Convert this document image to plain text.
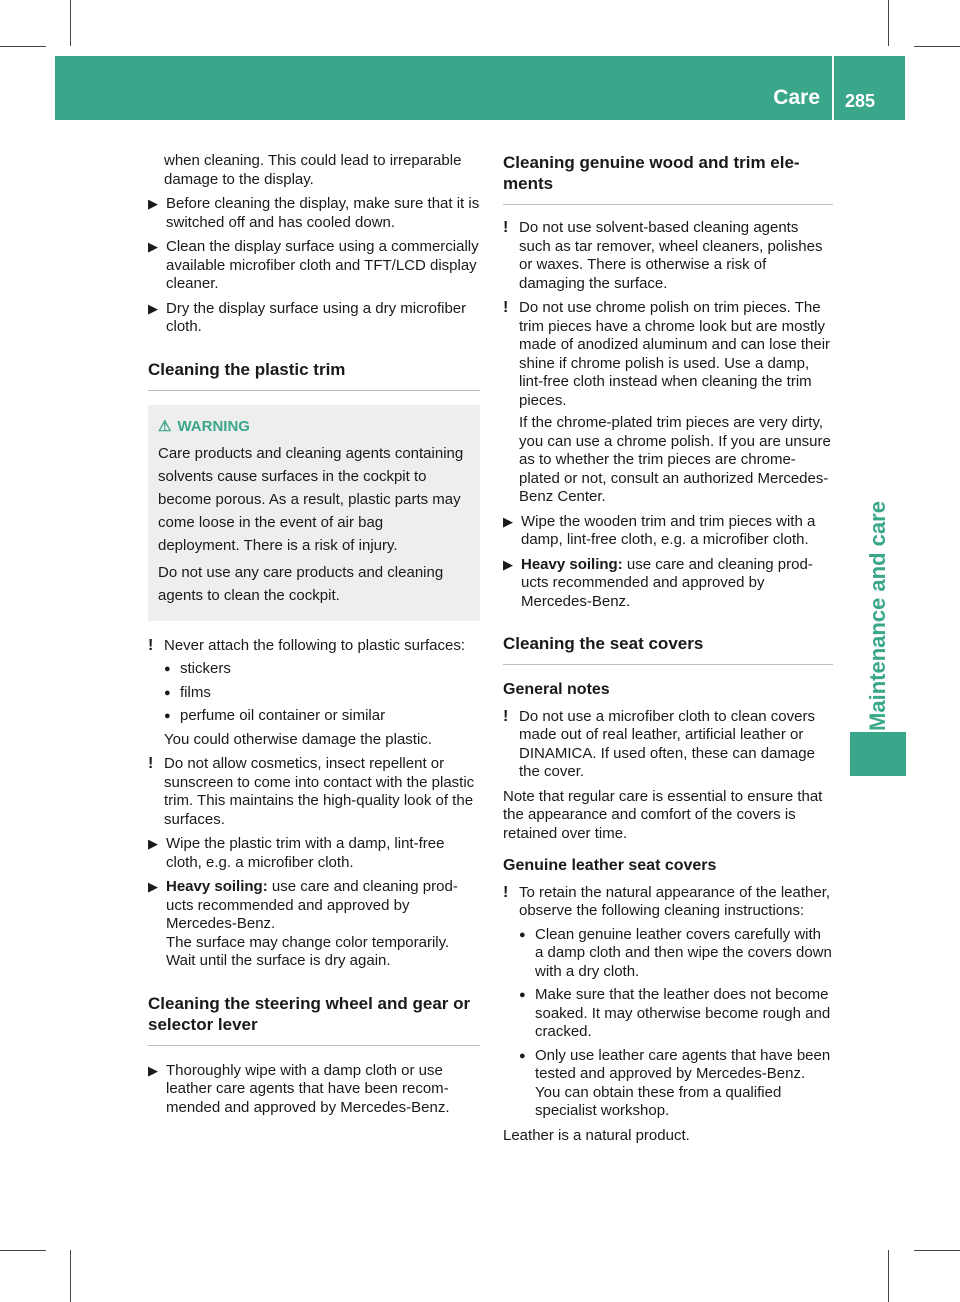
Care 285
Maintenance and care
when cleaning. This could lead to irreparable damage to the display.
▶ Before cleaning the display, make sure that it is switched off and has cooled down.
▶ Clean the display surface using a commercially available microfiber cloth and TFT/LCD display cleaner.
▶ Dry the display surface using a dry microfiber cloth.
Cleaning the plastic trim
⚠ WARNING
Care products and cleaning agents containing solvents cause surfaces in the cockpit to become porous. As a result, plastic parts may come loose in the event of air bag deployment. There is a risk of injury.
Do not use any care products and cleaning agents to clean the cockpit.
! Never attach the following to plastic surfaces:
● stickers
● films
● perfume oil container or similar
You could otherwise damage the plastic.
! Do not allow cosmetics, insect repellent or sunscreen to come into contact with the plastic trim. This maintains the high-quality look of the surfaces.
▶ Wipe the plastic trim with a damp, lint-free cloth, e.g. a microfiber cloth.
▶ Heavy soiling: use care and cleaning products recommended and approved by Mercedes-Benz.
The surface may change color temporarily. Wait until the surface is dry again.
Cleaning the steering wheel and gear or selector lever
▶ Thoroughly wipe with a damp cloth or use leather care agents that have been recommended and approved by Mercedes-Benz.
Cleaning genuine wood and trim elements
! Do not use solvent-based cleaning agents such as tar remover, wheel cleaners, polishes or waxes. There is otherwise a risk of damaging the surface.
! Do not use chrome polish on trim pieces. The trim pieces have a chrome look but are mostly made of anodized aluminum and can lose their shine if chrome polish is used. Use a damp, lint-free cloth instead when cleaning the trim pieces.
If the chrome-plated trim pieces are very dirty, you can use a chrome polish. If you are unsure as to whether the trim pieces are chrome-plated or not, consult an authorized Mercedes-Benz Center.
▶ Wipe the wooden trim and trim pieces with a damp, lint-free cloth, e.g. a microfiber cloth.
▶ Heavy soiling: use care and cleaning products recommended and approved by Mercedes-Benz.
Cleaning the seat covers
General notes
! Do not use a microfiber cloth to clean covers made out of real leather, artificial leather or DINAMICA. If used often, these can damage the cover.
Note that regular care is essential to ensure that the appearance and comfort of the covers is retained over time.
Genuine leather seat covers
! To retain the natural appearance of the leather, observe the following cleaning instructions:
● Clean genuine leather covers carefully with a damp cloth and then wipe the covers down with a dry cloth.
● Make sure that the leather does not become soaked. It may otherwise become rough and cracked.
● Only use leather care agents that have been tested and approved by Mercedes-Benz. You can obtain these from a qualified specialist workshop.
Leather is a natural product.
